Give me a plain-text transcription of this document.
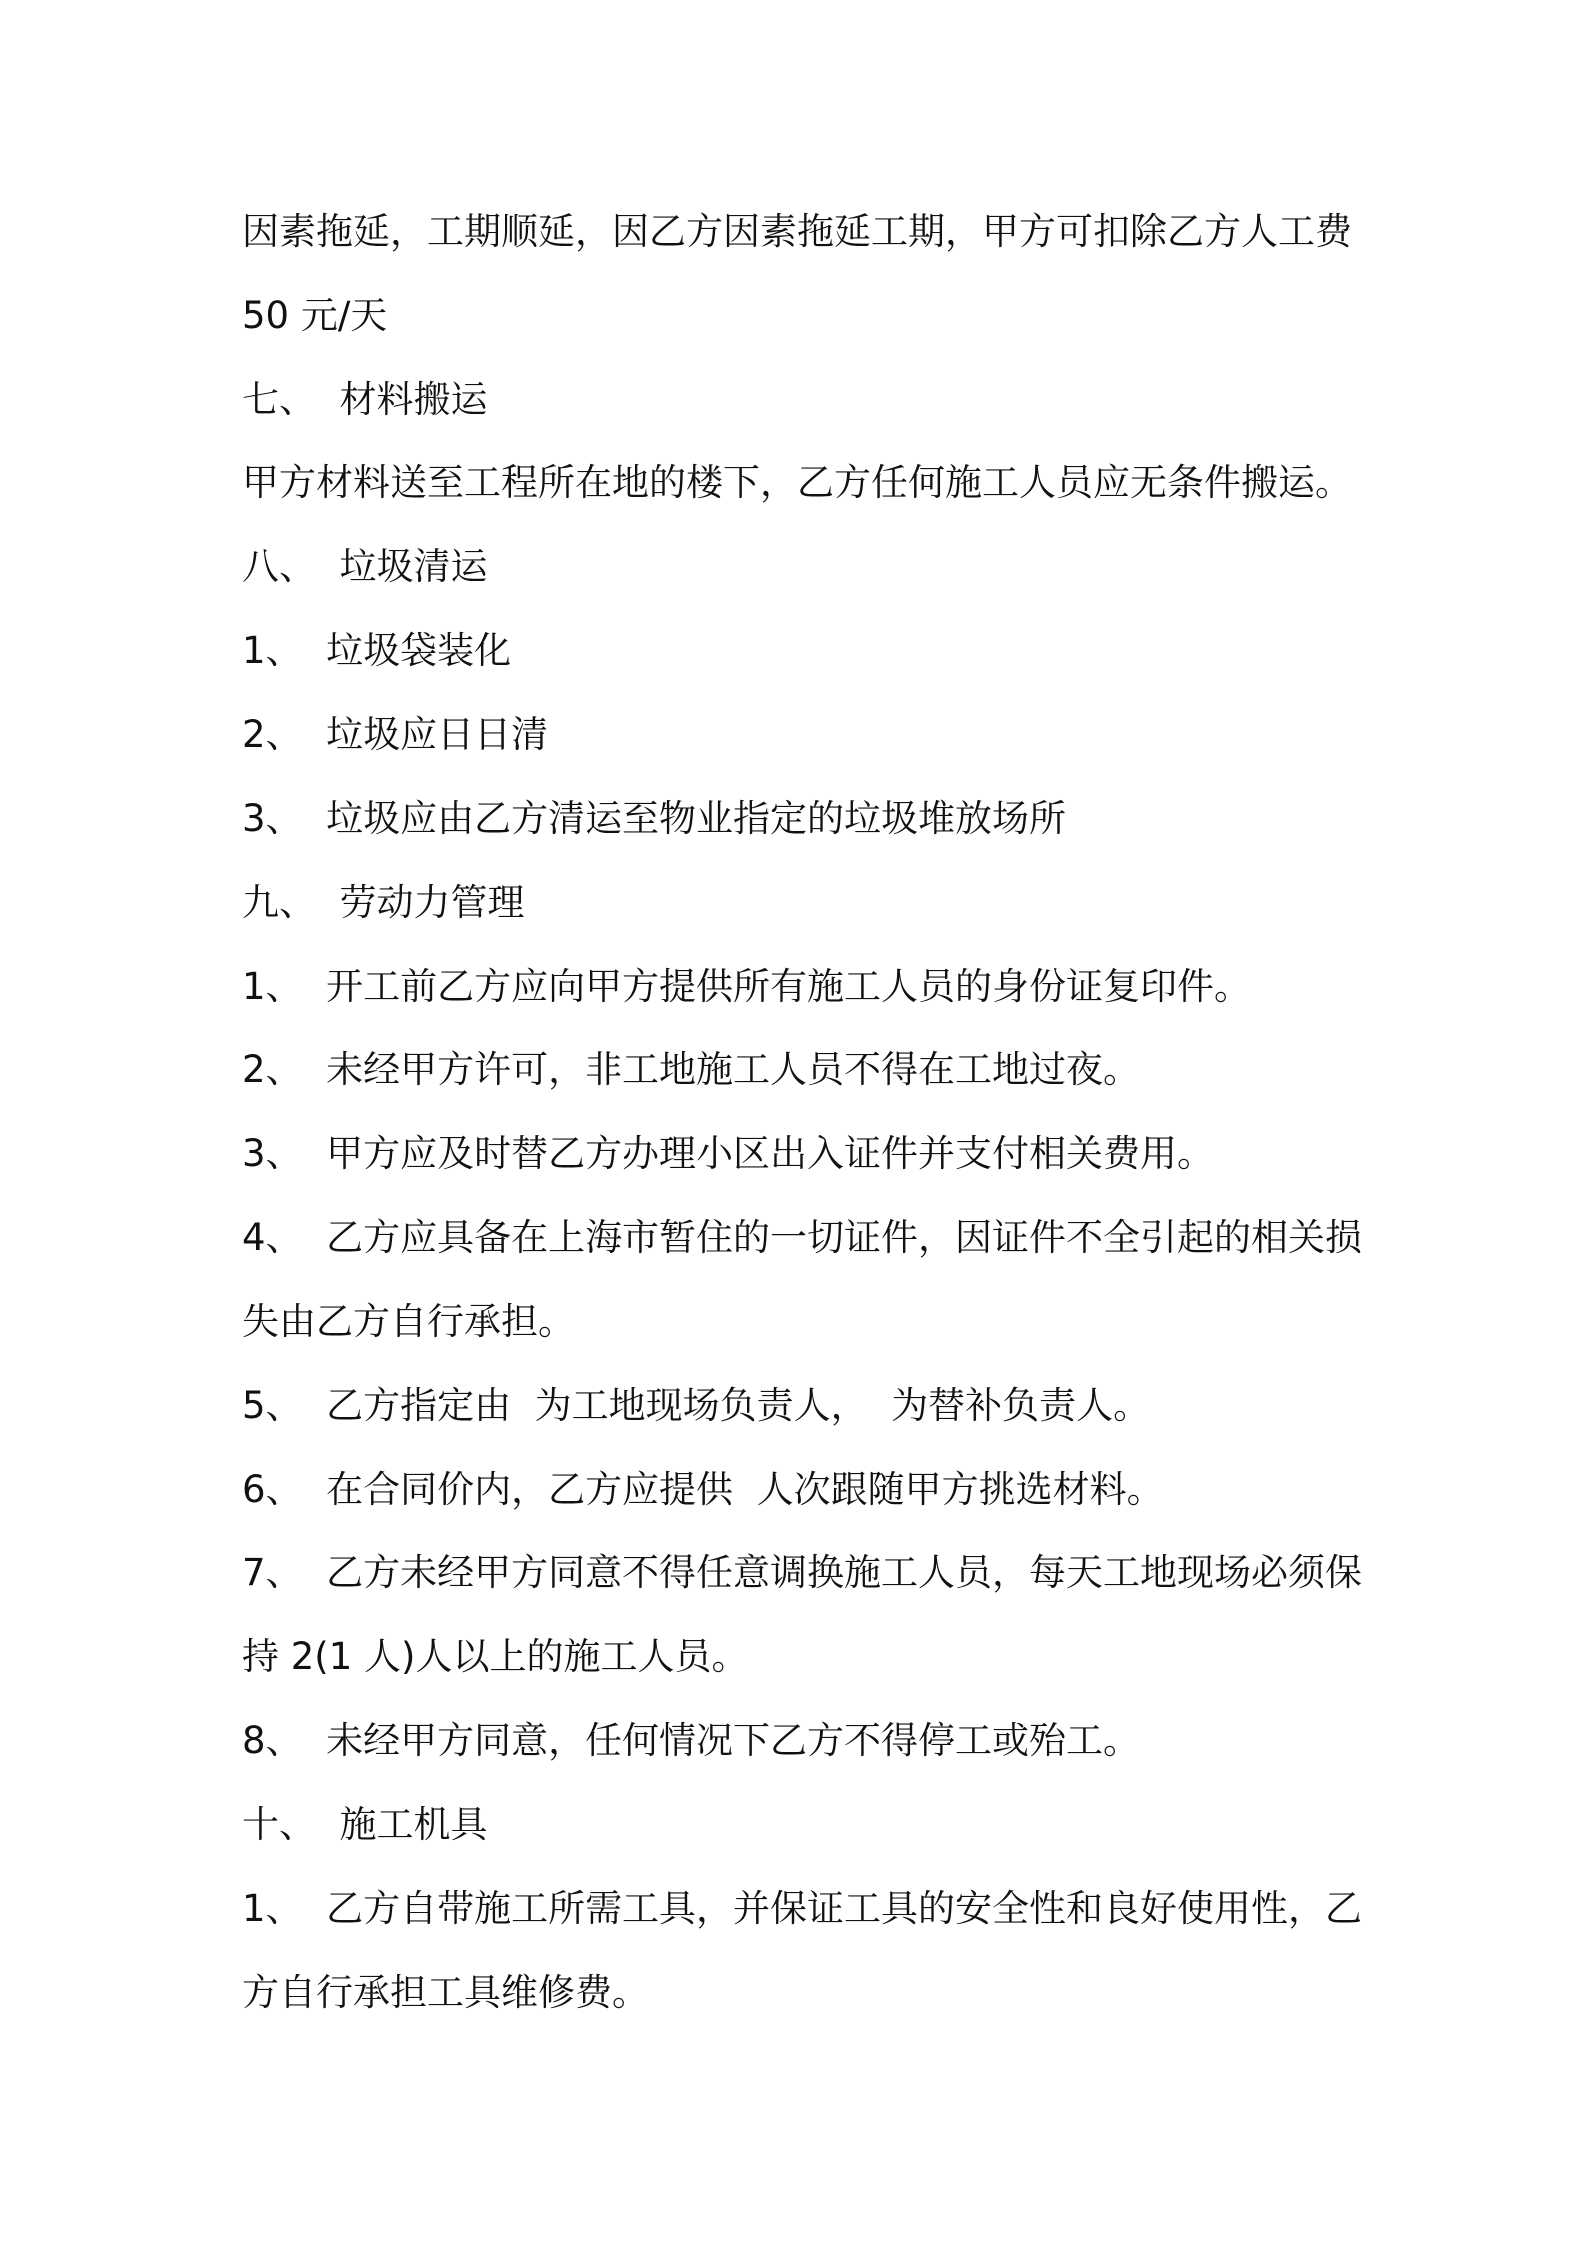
因素拖延，工期顺延，因乙方因素拖延工期，甲方可扣除乙方人工费
50 元/天
七、  材料搬运
甲方材料送至工程所在地的楼下，乙方任何施工人员应无条件搬运。
八、  垃圾清运
1、  垃圾袋装化
2、  垃圾应日日清
3、  垃圾应由乙方清运至物业指定的垃圾堆放场所
九、  劳动力管理
1、  开工前乙方应向甲方提供所有施工人员的身份证复印件。
2、  未经甲方许可，非工地施工人员不得在工地过夜。
3、  甲方应及时替乙方办理小区出入证件并支付相关费用。
4、  乙方应具备在上海市暂住的一切证件，因证件不全引起的相关损
失由乙方自行承担。
5、  乙方指定由  为工地现场负责人，  为替补负责人。
6、  在合同价内，乙方应提供  人次跟随甲方挑选材料。
7、  乙方未经甲方同意不得任意调换施工人员，每天工地现场必须保
持 2(1 人)人以上的施工人员。
8、  未经甲方同意，任何情况下乙方不得停工或殆工。
十、  施工机具
1、  乙方自带施工所需工具，并保证工具的安全性和良好使用性，乙
方自行承担工具维修费。
